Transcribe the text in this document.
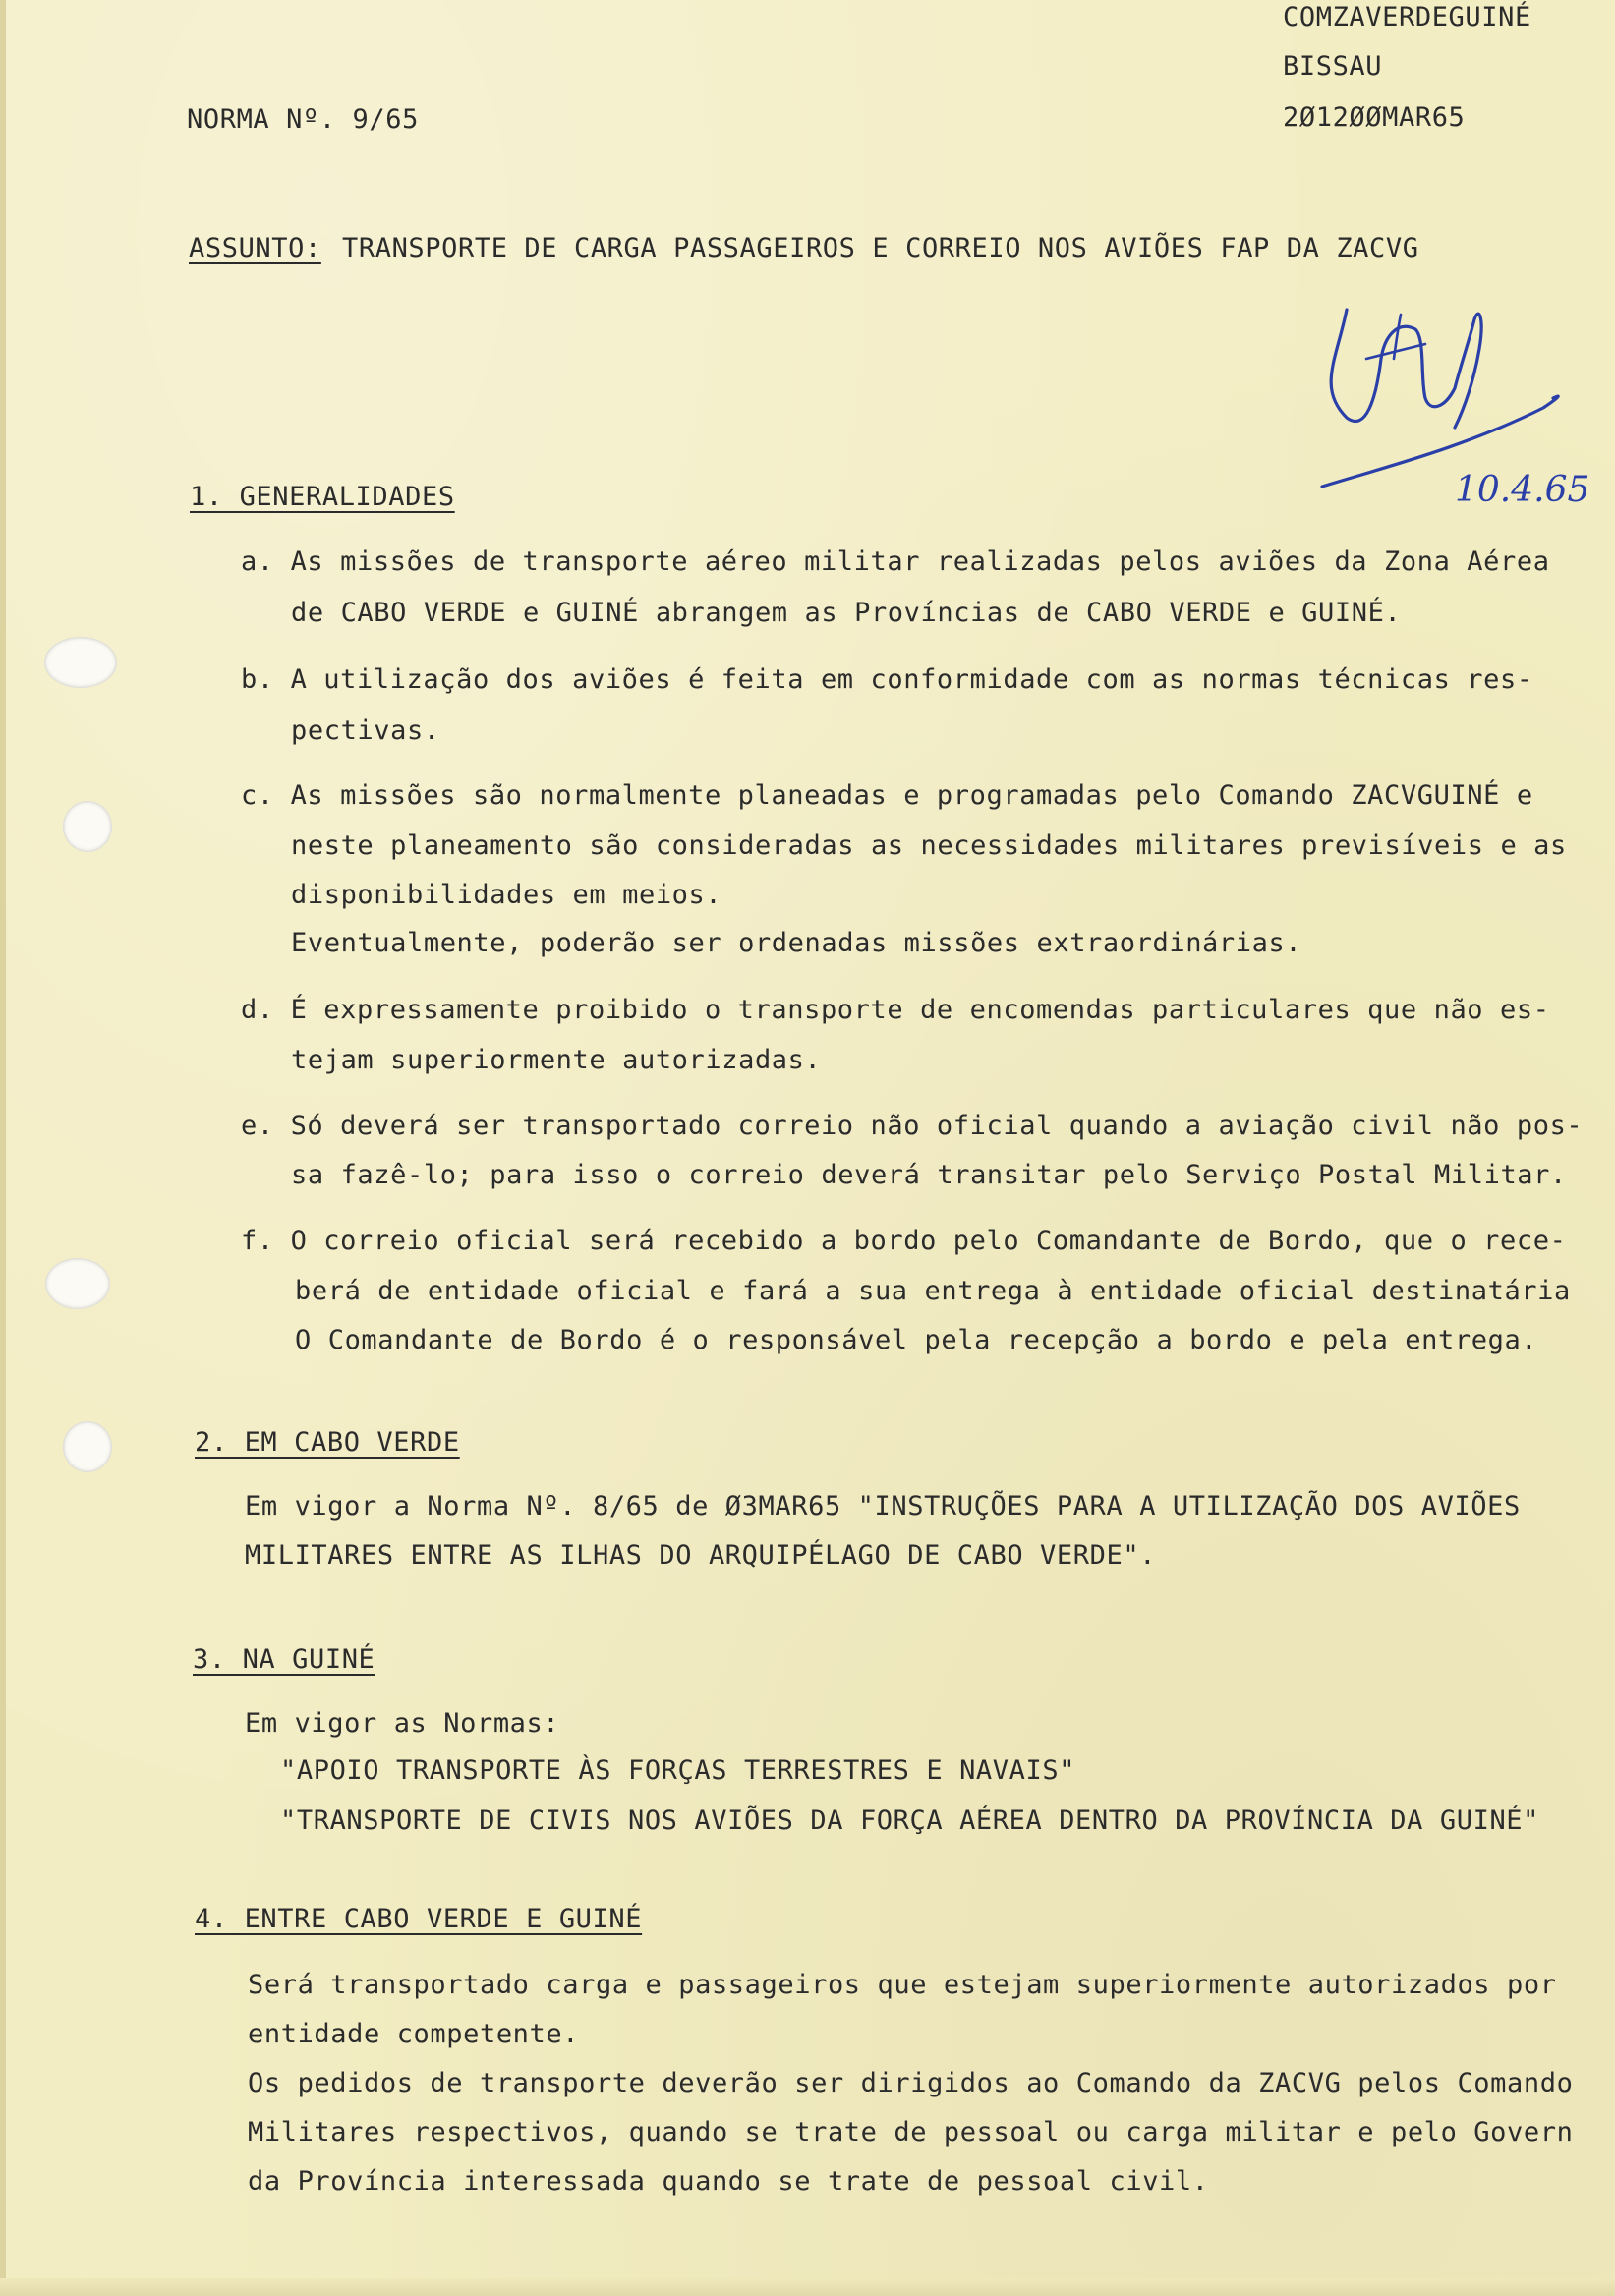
COMZAVERDEGUINÉ
BISSAU
2Ø12ØØMAR65
NORMA Nº. 9/65
ASSUNTO: TRANSPORTE DE CARGA PASSAGEIROS E CORREIO NOS AVIÕES FAP DA ZACVG
10.4.65
1. GENERALIDADES
a. As missões de transporte aéreo militar realizadas pelos aviões da Zona Aérea
de CABO VERDE e GUINÉ abrangem as Províncias de CABO VERDE e GUINÉ.
b. A utilização dos aviões é feita em conformidade com as normas técnicas res-
pectivas.
c. As missões são normalmente planeadas e programadas pelo Comando ZACVGUINÉ e
neste planeamento são consideradas as necessidades militares previsíveis e as
disponibilidades em meios.
Eventualmente, poderão ser ordenadas missões extraordinárias.
d. É expressamente proibido o transporte de encomendas particulares que não es-
tejam superiormente autorizadas.
e. Só deverá ser transportado correio não oficial quando a aviação civil não pos-
sa fazê-lo; para isso o correio deverá transitar pelo Serviço Postal Militar.
f. O correio oficial será recebido a bordo pelo Comandante de Bordo, que o rece-
berá de entidade oficial e fará a sua entrega à entidade oficial destinatária
O Comandante de Bordo é o responsável pela recepção a bordo e pela entrega.
2. EM CABO VERDE
Em vigor a Norma Nº. 8/65 de Ø3MAR65 "INSTRUÇÕES PARA A UTILIZAÇÃO DOS AVIÕES
MILITARES ENTRE AS ILHAS DO ARQUIPÉLAGO DE CABO VERDE".
3. NA GUINÉ
Em vigor as Normas:
"APOIO TRANSPORTE ÀS FORÇAS TERRESTRES E NAVAIS"
"TRANSPORTE DE CIVIS NOS AVIÕES DA FORÇA AÉREA DENTRO DA PROVÍNCIA DA GUINÉ"
4. ENTRE CABO VERDE E GUINÉ
Será transportado carga e passageiros que estejam superiormente autorizados por
entidade competente.
Os pedidos de transporte deverão ser dirigidos ao Comando da ZACVG pelos Comando
Militares respectivos, quando se trate de pessoal ou carga militar e pelo Govern
da Província interessada quando se trate de pessoal civil.
